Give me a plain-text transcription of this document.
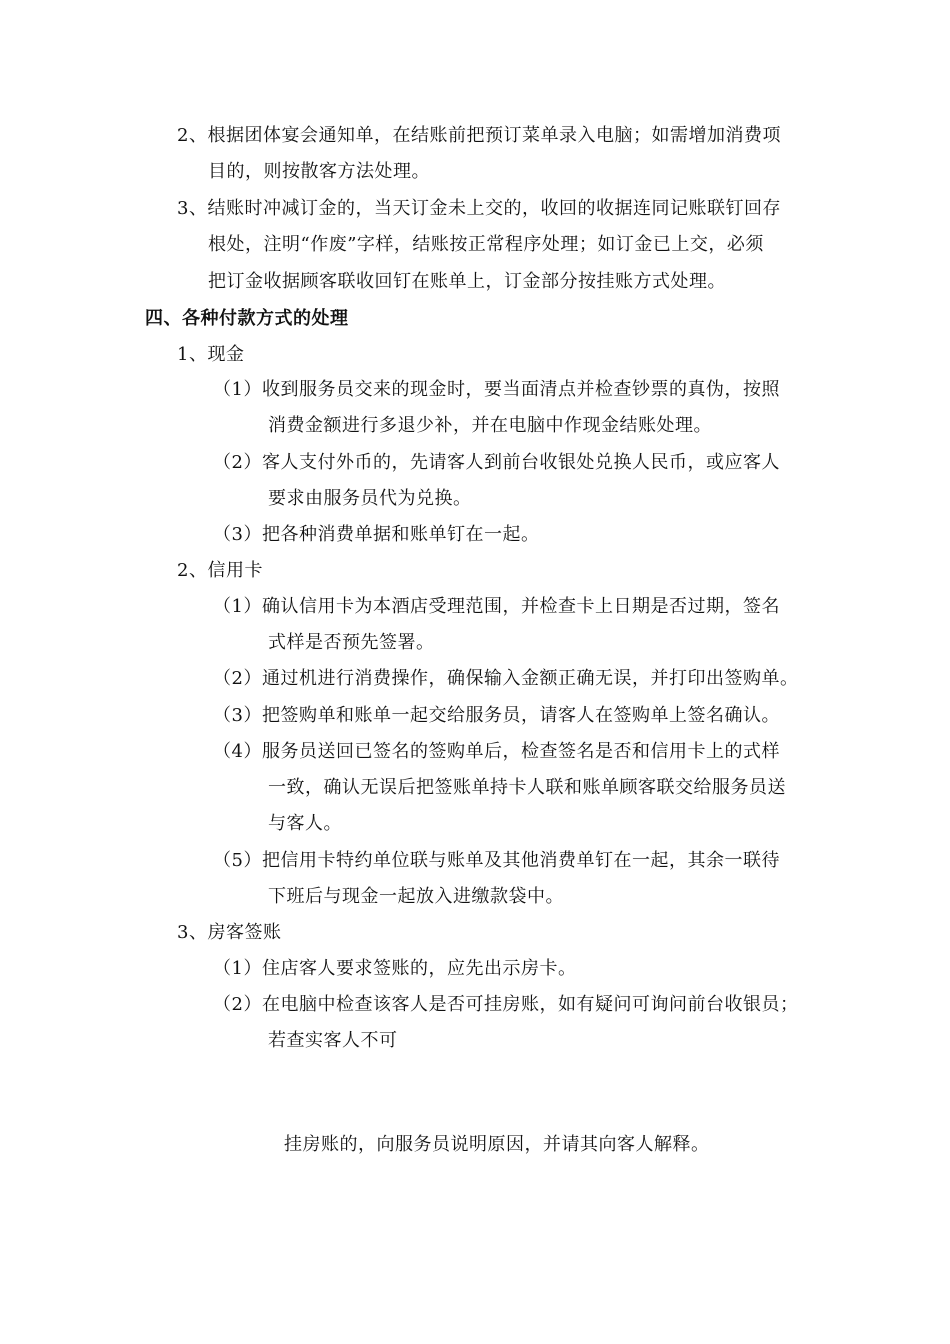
2、根据团体宴会通知单，在结账前把预订菜单录入电脑；如需增加消费项
目的，则按散客方法处理。
3、结账时冲减订金的，当天订金未上交的，收回的收据连同记账联钉回存
根处，注明“作废”字样，结账按正常程序处理；如订金已上交，必须
把订金收据顾客联收回钉在账单上，订金部分按挂账方式处理。
四、各种付款方式的处理
1、现金
（1）收到服务员交来的现金时，要当面清点并检查钞票的真伪，按照
消费金额进行多退少补，并在电脑中作现金结账处理。
（2）客人支付外币的，先请客人到前台收银处兑换人民币，或应客人
要求由服务员代为兑换。
（3）把各种消费单据和账单钉在一起。
2、信用卡
（1）确认信用卡为本酒店受理范围，并检查卡上日期是否过期，签名
式样是否预先签署。
（2）通过机进行消费操作，确保输入金额正确无误，并打印出签购单。
（3）把签购单和账单一起交给服务员，请客人在签购单上签名确认。
（4）服务员送回已签名的签购单后，检查签名是否和信用卡上的式样
一致，确认无误后把签账单持卡人联和账单顾客联交给服务员送
与客人。
（5）把信用卡特约单位联与账单及其他消费单钉在一起，其余一联待
下班后与现金一起放入进缴款袋中。
3、房客签账
（1）住店客人要求签账的，应先出示房卡。
（2）在电脑中检查该客人是否可挂房账，如有疑问可询问前台收银员；
若查实客人不可
挂房账的，向服务员说明原因，并请其向客人解释。
